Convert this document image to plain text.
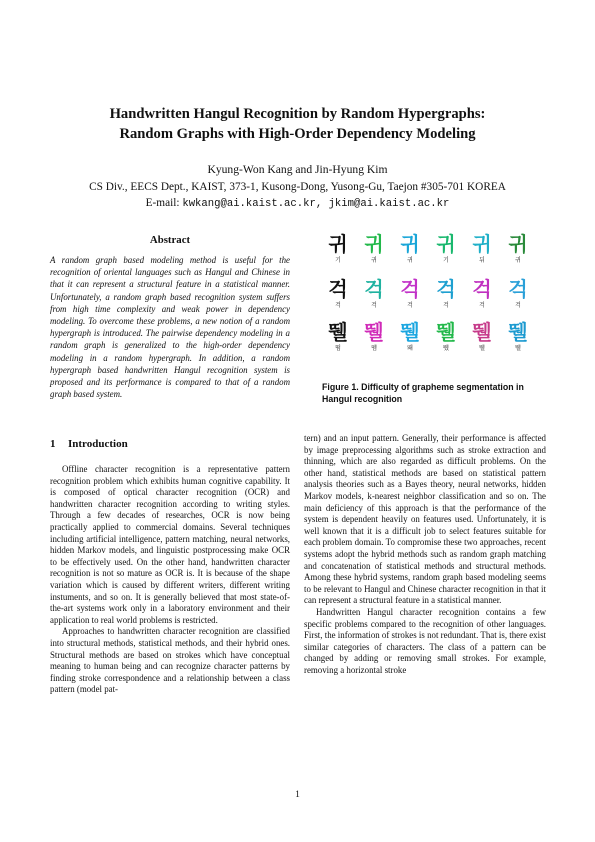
Handwritten Hangul Recognition by Random Hypergraphs:
Random Graphs with High-Order Dependency Modeling
Kyung-Won Kang and Jin-Hyung Kim
CS Div., EECS Dept., KAIST, 373-1, Kusong-Dong, Yusong-Gu, Taejon #305-701 KOREA
E-mail: kwkang@ai.kaist.ac.kr, jkim@ai.kaist.ac.kr
Abstract

A random graph based modeling method is useful for the recognition of oriental languages such as Hangul and Chinese in that it can represent a structural feature in a statistical manner. Unfortunately, a random graph based recognition system suffers from high time complexity and weak power in dependency modeling. To overcome these problems, a new notion of a random hypergraph is introduced. The pairwise dependency modeling in a random graph is generalized to the high-order dependency modeling in a random hypergraph. In addition, a random hypergraph based handwritten Hangul recognition system is proposed and its performance is compared to that of a random graph based system.

귀
기
귀
귀
귀
귀
귀
기
귀
뒤
귀
귀
걱
걱
걱
걱
걱
걱
걱
걱
걱
걱
걱
걱
뛜
떰
뛜
뗌
뛜
뙈
뛜
뛨
뛜
뛜
뛜
뛜

Figure 1. Difficulty of grapheme segmentation in Hangul recognition

1 Introduction

Offline character recognition is a representative pattern recognition problem which exhibits human cognitive capability. It is composed of optical character recognition (OCR) and handwritten character recognition according to writing styles. Through a few decades of researches, OCR is now being practically applied to commercial domains. Several techniques including artificial intelligence, pattern matching, neural networks, hidden Markov models, and linguistic postprocessing make OCR to be effectively used. On the other hand, handwritten character recognition is not so mature as OCR is. It is because of the shape variation which is caused by different writers, different writing instuments, and so on. It is generally believed that most state-of-the-art systems work only in a laboratory environment and their application to real world problems is restricted.

Approaches to handwritten character recognition are classified into structural methods, statistical methods, and their hybrid ones. Structural methods are based on strokes which have conceptual meaning to human being and can recognize character patterns by finding stroke correspondence and a relationship between a class pattern (model pat-

tern) and an input pattern. Generally, their performance is affected by image preprocessing algorithms such as stroke extraction and thinning, which are also regarded as difficult problems. On the other hand, statistical methods are based on statistical pattern analysis theories such as a Bayes theory, neural networks, hidden Markov models, k-nearest neighbor classification and so on. The main deficiency of this approach is that the performance of the system is dependent heavily on features used. Unfortunately, it is well known that it is a difficult job to select features suitable for each problem domain. To compromise these two approaches, recent systems adopt the hybrid methods such as random graph matching and concatenation of statistical methods and structural methods. Among these hybrid systems, random graph based modeling seems to be relevant to Hangul and Chinese character recognition in that it can represent a structural feature in a statistical manner.

Handwritten Hangul character recognition contains a few specific problems compared to the recognition of other languages. First, the information of strokes is not redundant. That is, there exist similar categories of characters. The class of a pattern can be changed by adding or removing small strokes. For example, removing a horizontal stroke

1
